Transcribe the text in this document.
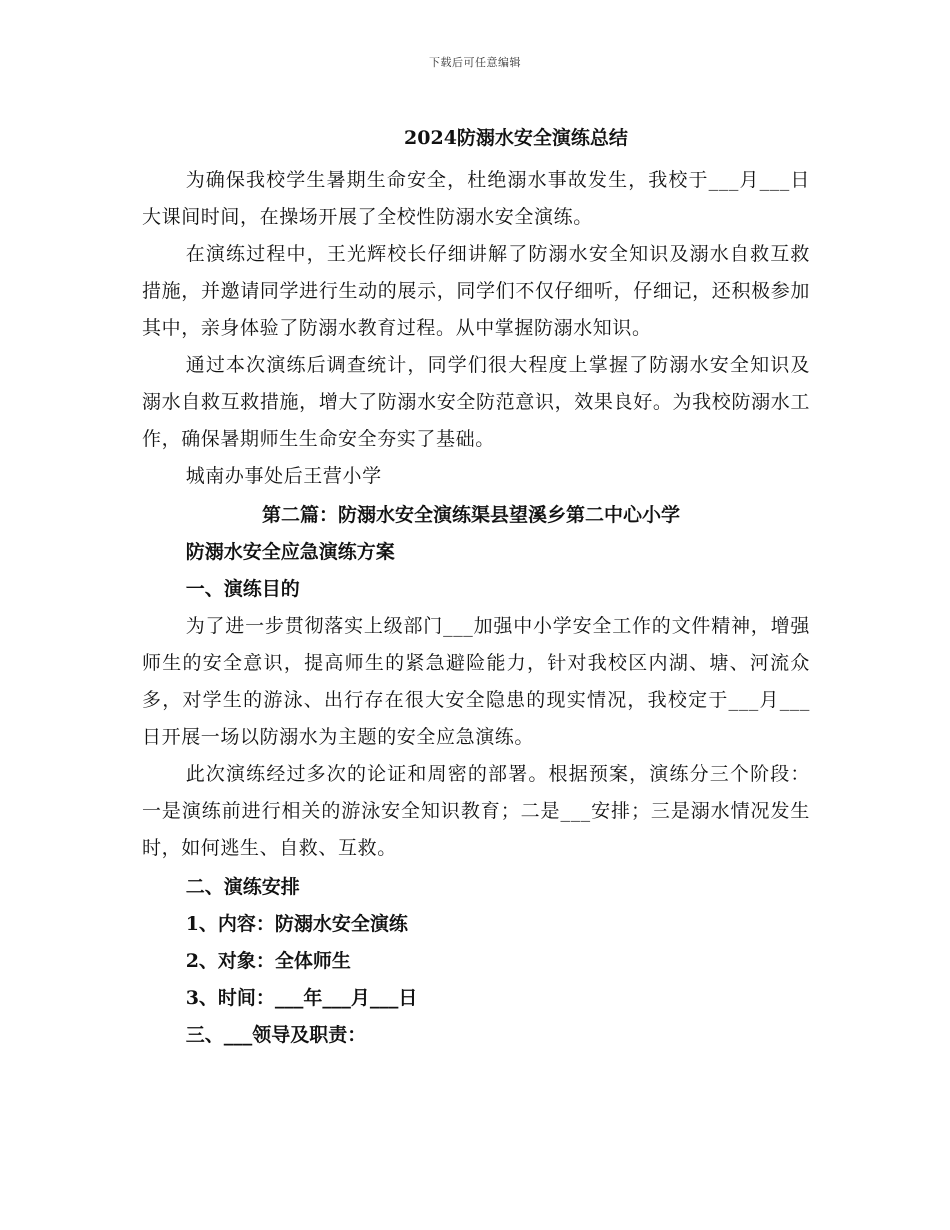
下载后可任意编辑
2024防溺水安全演练总结

为确保我校学生暑期生命安全，杜绝溺水事故发生，我校于___月___日大课间时间，在操场开展了全校性防溺水安全演练。

在演练过程中，王光辉校长仔细讲解了防溺水安全知识及溺水自救互救措施，并邀请同学进行生动的展示，同学们不仅仔细听，仔细记，还积极参加其中，亲身体验了防溺水教育过程。从中掌握防溺水知识。

通过本次演练后调查统计，同学们很大程度上掌握了防溺水安全知识及溺水自救互救措施，增大了防溺水安全防范意识，效果良好。为我校防溺水工作，确保暑期师生生命安全夯实了基础。

城南办事处后王营小学

第二篇：防溺水安全演练渠县望溪乡第二中心小学
防溺水安全应急演练方案
一、演练目的

为了进一步贯彻落实上级部门___加强中小学安全工作的文件精神，增强师生的安全意识，提高师生的紧急避险能力，针对我校区内湖、塘、河流众多，对学生的游泳、出行存在很大安全隐患的现实情况，我校定于___月___日开展一场以防溺水为主题的安全应急演练。

此次演练经过多次的论证和周密的部署。根据预案，演练分三个阶段：一是演练前进行相关的游泳安全知识教育；二是___安排；三是溺水情况发生时，如何逃生、自救、互救。

二、演练安排
1、内容：防溺水安全演练
2、对象：全体师生
3、时间：___年___月___日
三、___领导及职责：
